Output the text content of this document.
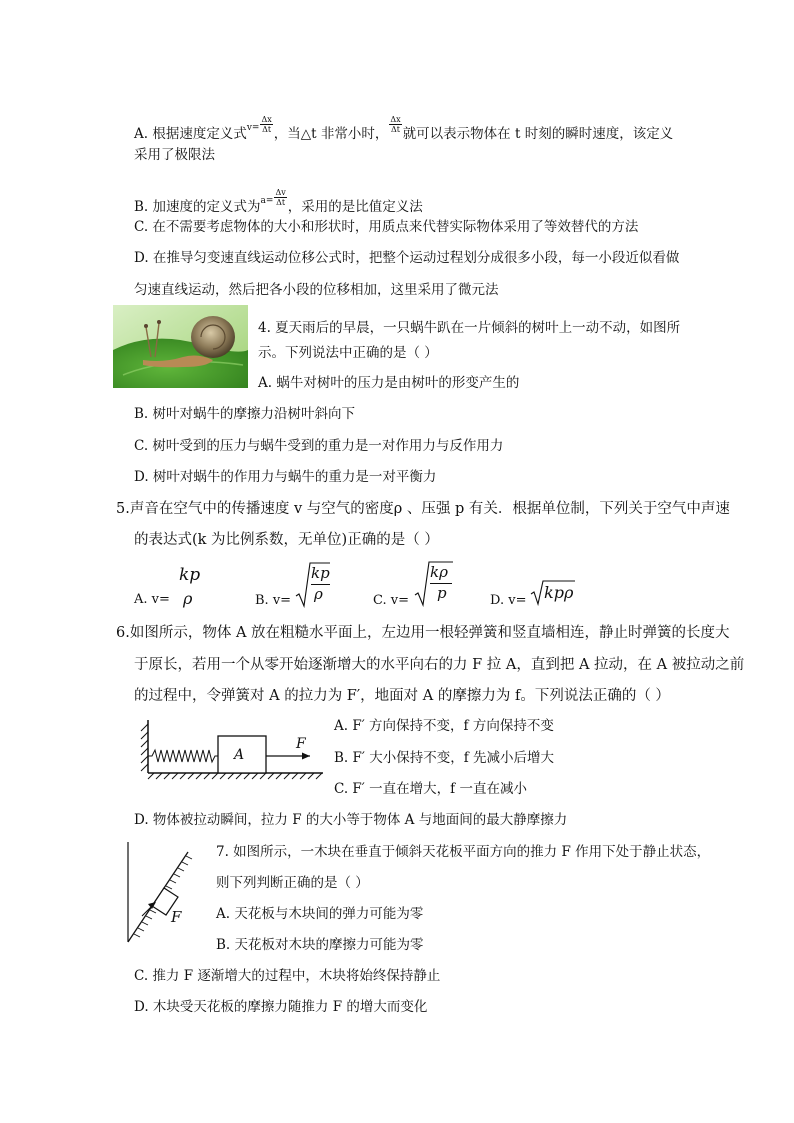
A. 根据速度定义式$^{v=} \frac{\Delta x}{\Delta t}$ ，当△t 非常小时， $\frac{\Delta x}{\Delta t}$ 就可以表示物体在 t 时刻的瞬时速度，该定义
采用了极限法
B. 加速度的定义式为$^{a=} \frac{\Delta v}{\Delta t}$ ，采用的是比值定义法
C. 在不需要考虑物体的大小和形状时，用质点来代替实际物体采用了等效替代的方法
D. 在推导匀变速直线运动位移公式时，把整个运动过程划分成很多小段，每一小段近似看做
匀速直线运动，然后把各小段的位移相加，这里采用了微元法
4. 夏天雨后的早晨，一只蜗牛趴在一片倾斜的树叶上一动不动，如图所
示。下列说法中正确的是（ ）
A. 蜗牛对树叶的压力是由树叶的形变产生的
B. 树叶对蜗牛的摩擦力沿树叶斜向下
C. 树叶受到的压力与蜗牛受到的重力是一对作用力与反作用力
D. 树叶对蜗牛的作用力与蜗牛的重力是一对平衡力
5.声音在空气中的传播速度 v 与空气的密度ρ 、压强 p 有关．根据单位制，下列关于空气中声速
的表达式(k 为比例系数，无单位)正确的是（ ）
A. v=
kp
ρ	B. v=
kp
ρ	C. v=
kρ
p	D. v= kpρ
6.如图所示，物体 A 放在粗糙水平面上，左边用一根轻弹簧和竖直墙相连，静止时弹簧的长度大
于原长，若用一个从零开始逐渐增大的水平向右的力 F 拉 A，直到把 A 拉动，在 A 被拉动之前
的过程中，令弹簧对 A 的拉力为 F′，地面对 A 的摩擦力为 f。下列说法正确的（ ）
A
F
A. F′ 方向保持不变，f 方向保持不变
B. F′ 大小保持不变，f 先减小后增大
C. F′ 一直在增大，f 一直在减小
D. 物体被拉动瞬间，拉力 F 的大小等于物体 A 与地面间的最大静摩擦力
F
7. 如图所示，一木块在垂直于倾斜天花板平面方向的推力 F 作用下处于静止状态，
则下列判断正确的是（ ）
A. 天花板与木块间的弹力可能为零
B. 天花板对木块的摩擦力可能为零
C. 推力 F 逐渐增大的过程中，木块将始终保持静止
D. 木块受天花板的摩擦力随推力 F 的增大而变化
